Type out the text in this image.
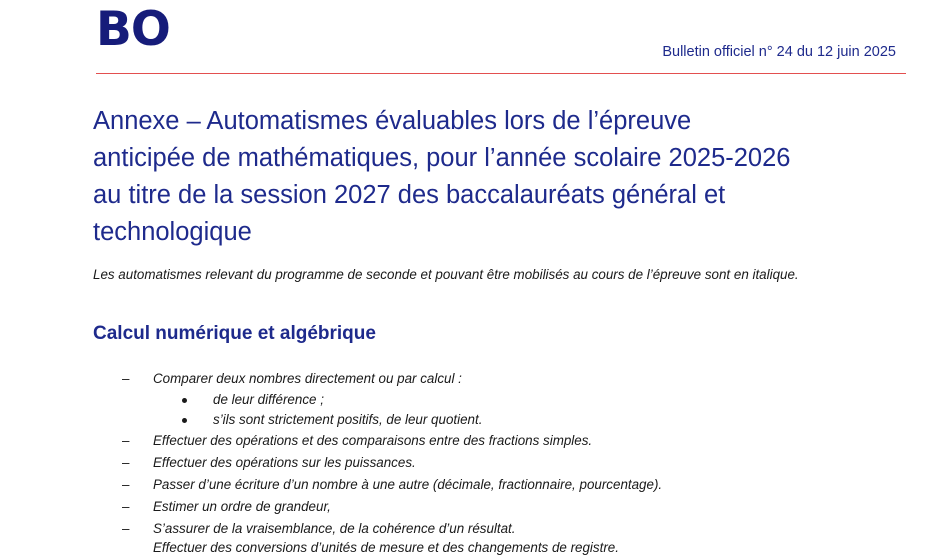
BO	Bulletin officiel n° 24 du 12 juin 2025
Annexe – Automatismes évaluables lors de l’épreuve
anticipée de mathématiques, pour l’année scolaire 2025-2026
au titre de la session 2027 des baccalauréats général et
technologique

Les automatismes relevant du programme de seconde et pouvant être mobilisés au cours de l’épreuve sont en italique.

Calcul numérique et algébrique
– Comparer deux nombres directement ou par calcul :
de leur différence ;
s’ils sont strictement positifs, de leur quotient.
– Effectuer des opérations et des comparaisons entre des fractions simples.
– Effectuer des opérations sur les puissances.
– Passer d’une écriture d’un nombre à une autre (décimale, fractionnaire, pourcentage).
– Estimer un ordre de grandeur,
– S’assurer de la vraisemblance, de la cohérence d’un résultat.
Effectuer des conversions d’unités de mesure et des changements de registre.
